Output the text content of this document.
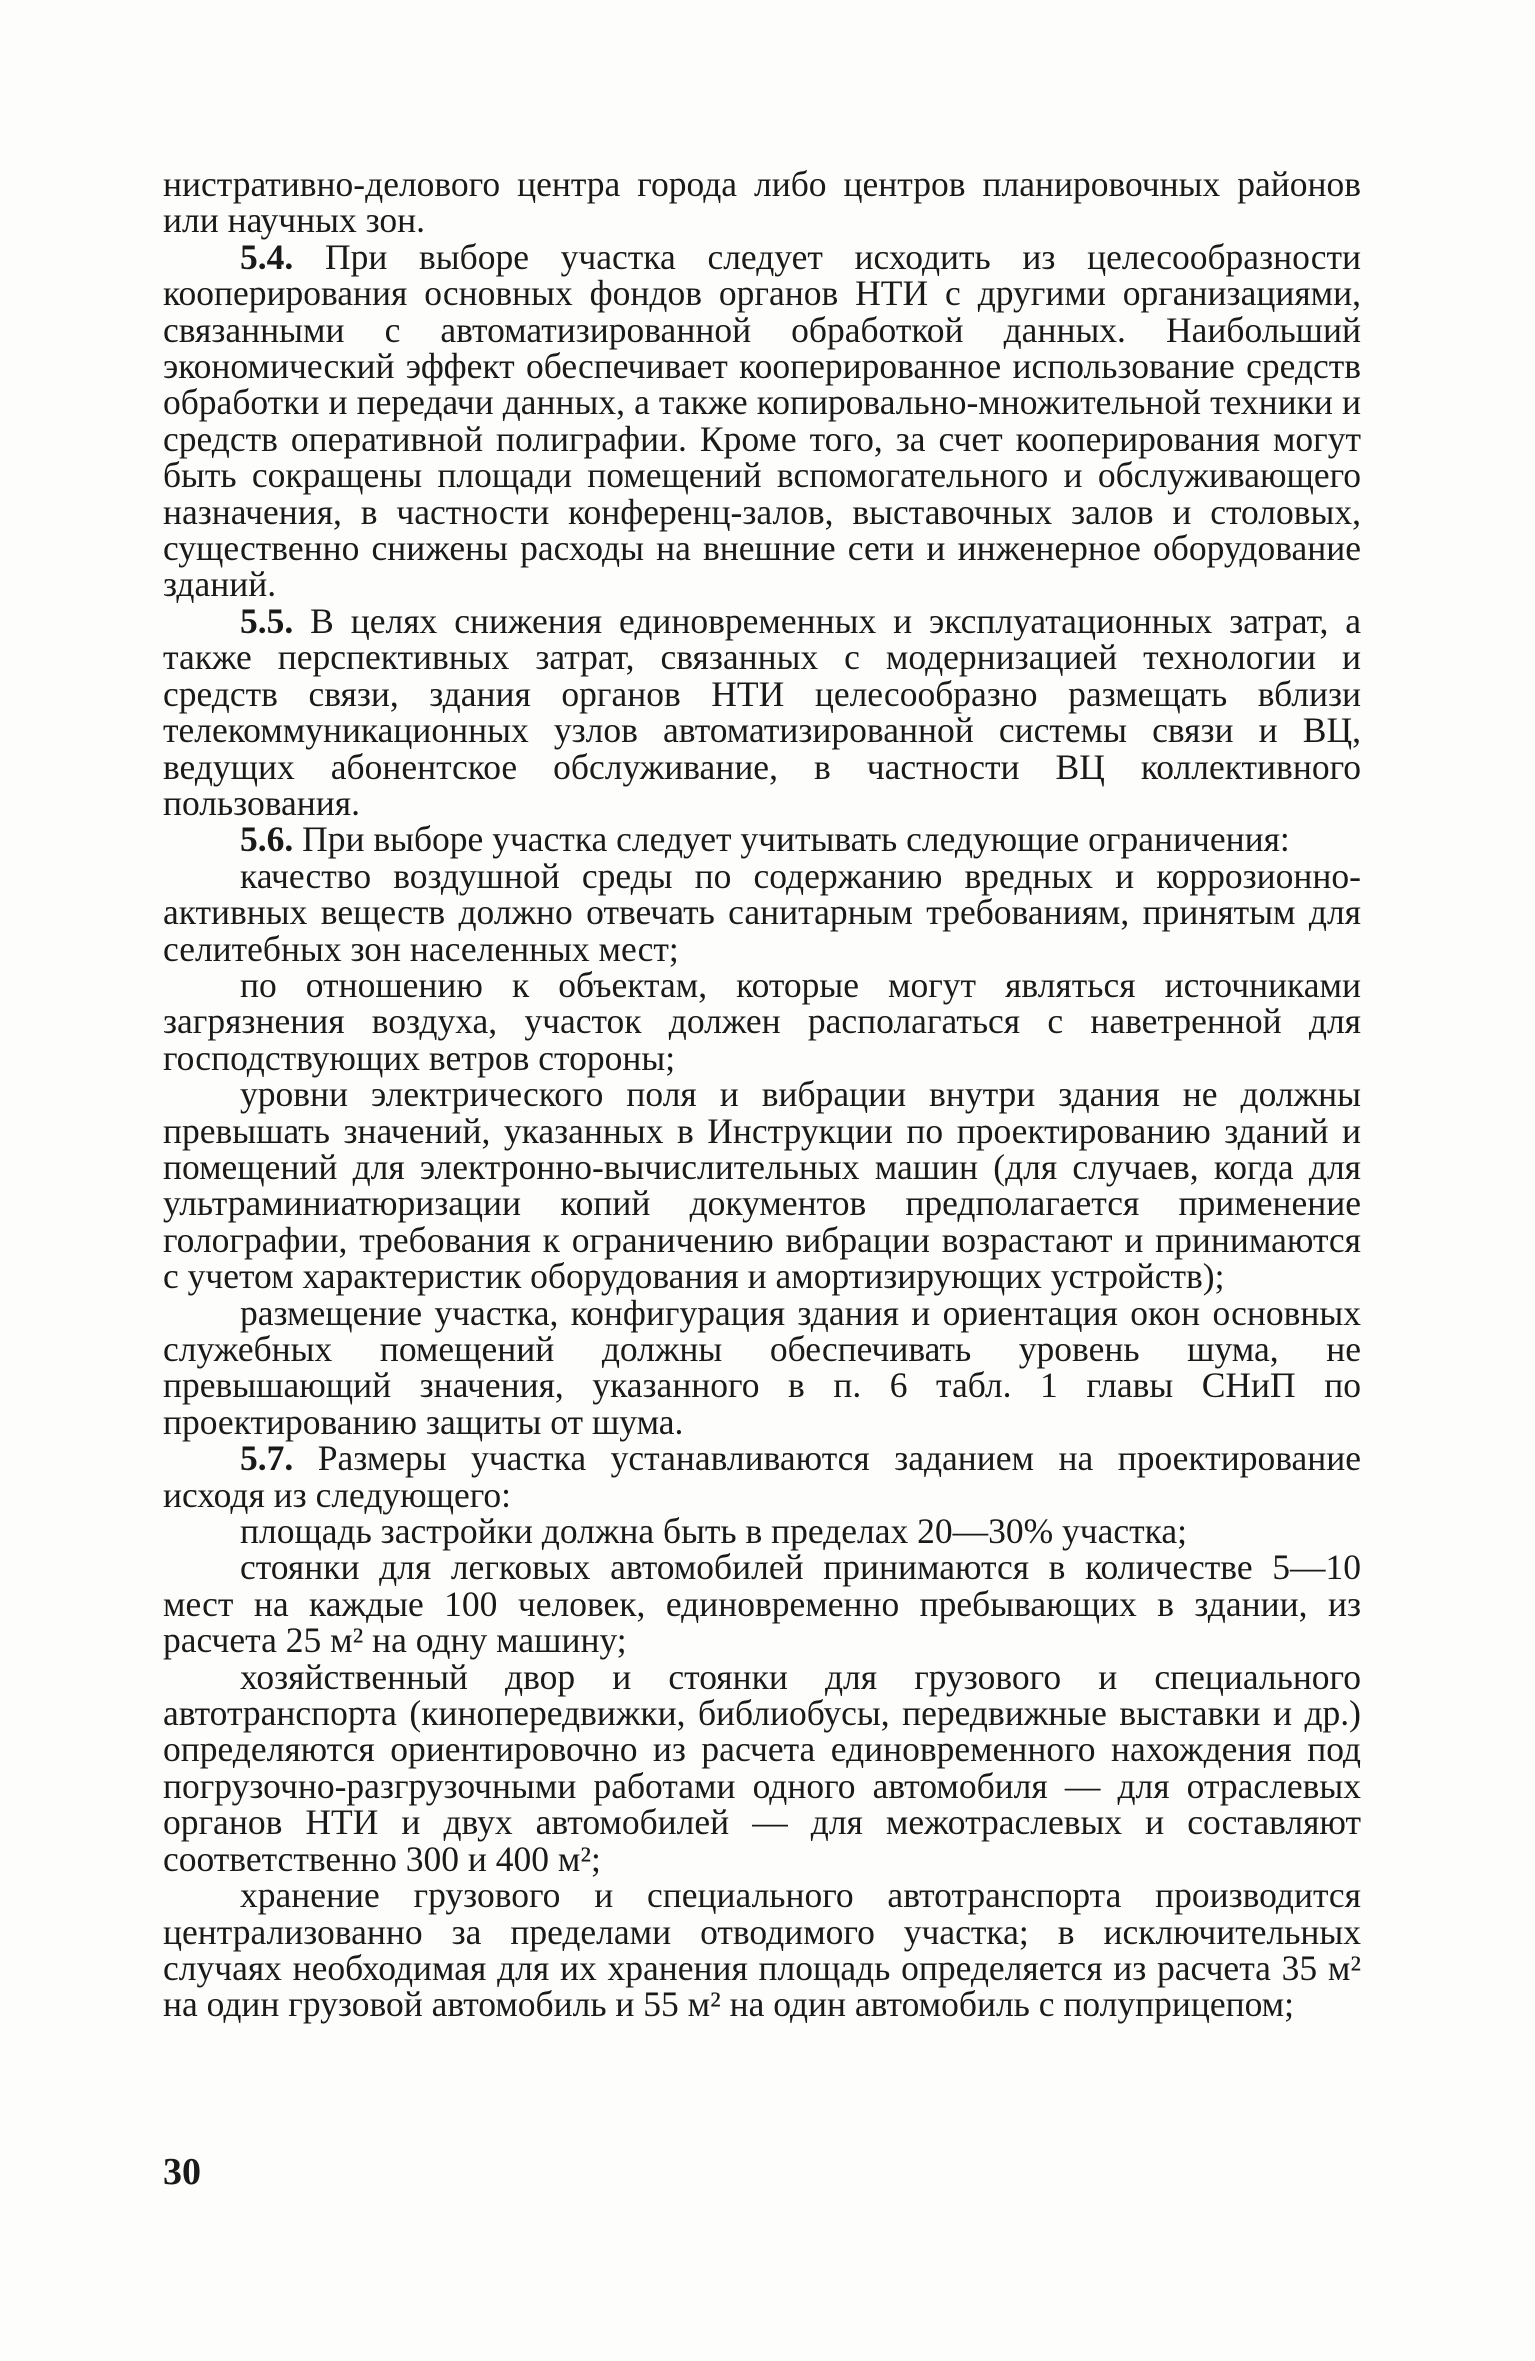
нистративно-делового центра города либо центров планировочных районов или научных зон.

5.4. При выборе участка следует исходить из целесообразности кооперирования основных фондов органов НТИ с другими организациями, связанными с автоматизированной обработкой данных. Наибольший экономический эффект обеспечивает кооперированное использование средств обработки и передачи данных, а также копировально-множительной техники и средств оперативной полиграфии. Кроме того, за счет кооперирования могут быть сокращены площади помещений вспомогательного и обслуживающего назначения, в частности конференц-залов, выставочных залов и столовых, существенно снижены расходы на внешние сети и инженерное оборудование зданий.

5.5. В целях снижения единовременных и эксплуатационных затрат, а также перспективных затрат, связанных с модернизацией технологии и средств связи, здания органов НТИ целесообразно размещать вблизи телекоммуникационных узлов автоматизированной системы связи и ВЦ, ведущих абонентское обслуживание, в частности ВЦ коллективного пользования.

5.6. При выборе участка следует учитывать следующие ограничения:

качество воздушной среды по содержанию вредных и коррозионно-активных веществ должно отвечать санитарным требованиям, принятым для селитебных зон населенных мест;

по отношению к объектам, которые могут являться источниками загрязнения воздуха, участок должен располагаться с наветренной для господствующих ветров стороны;

уровни электрического поля и вибрации внутри здания не должны превышать значений, указанных в Инструкции по проектированию зданий и помещений для электронно-вычислительных машин (для случаев, когда для ультраминиатюризации копий документов предполагается применение голографии, требования к ограничению вибрации возрастают и принимаются с учетом характеристик оборудования и амортизирующих устройств);

размещение участка, конфигурация здания и ориентация окон основных служебных помещений должны обеспечивать уровень шума, не превышающий значения, указанного в п. 6 табл. 1 главы СНиП по проектированию защиты от шума.

5.7. Размеры участка устанавливаются заданием на проектирование исходя из следующего:

площадь застройки должна быть в пределах 20—30% участка;

стоянки для легковых автомобилей принимаются в количестве 5—10 мест на каждые 100 человек, единовременно пребывающих в здании, из расчета 25 м² на одну машину;

хозяйственный двор и стоянки для грузового и специального автотранспорта (кинопередвижки, библиобусы, передвижные выставки и др.) определяются ориентировочно из расчета единовременного нахождения под погрузочно-разгрузочными работами одного автомобиля — для отраслевых органов НТИ и двух автомобилей — для межотраслевых и составляют соответственно 300 и 400 м²;

хранение грузового и специального автотранспорта производится централизованно за пределами отводимого участка; в исключительных случаях необходимая для их хранения площадь определяется из расчета 35 м² на один грузовой автомобиль и 55 м² на один автомобиль с полуприцепом;

30
